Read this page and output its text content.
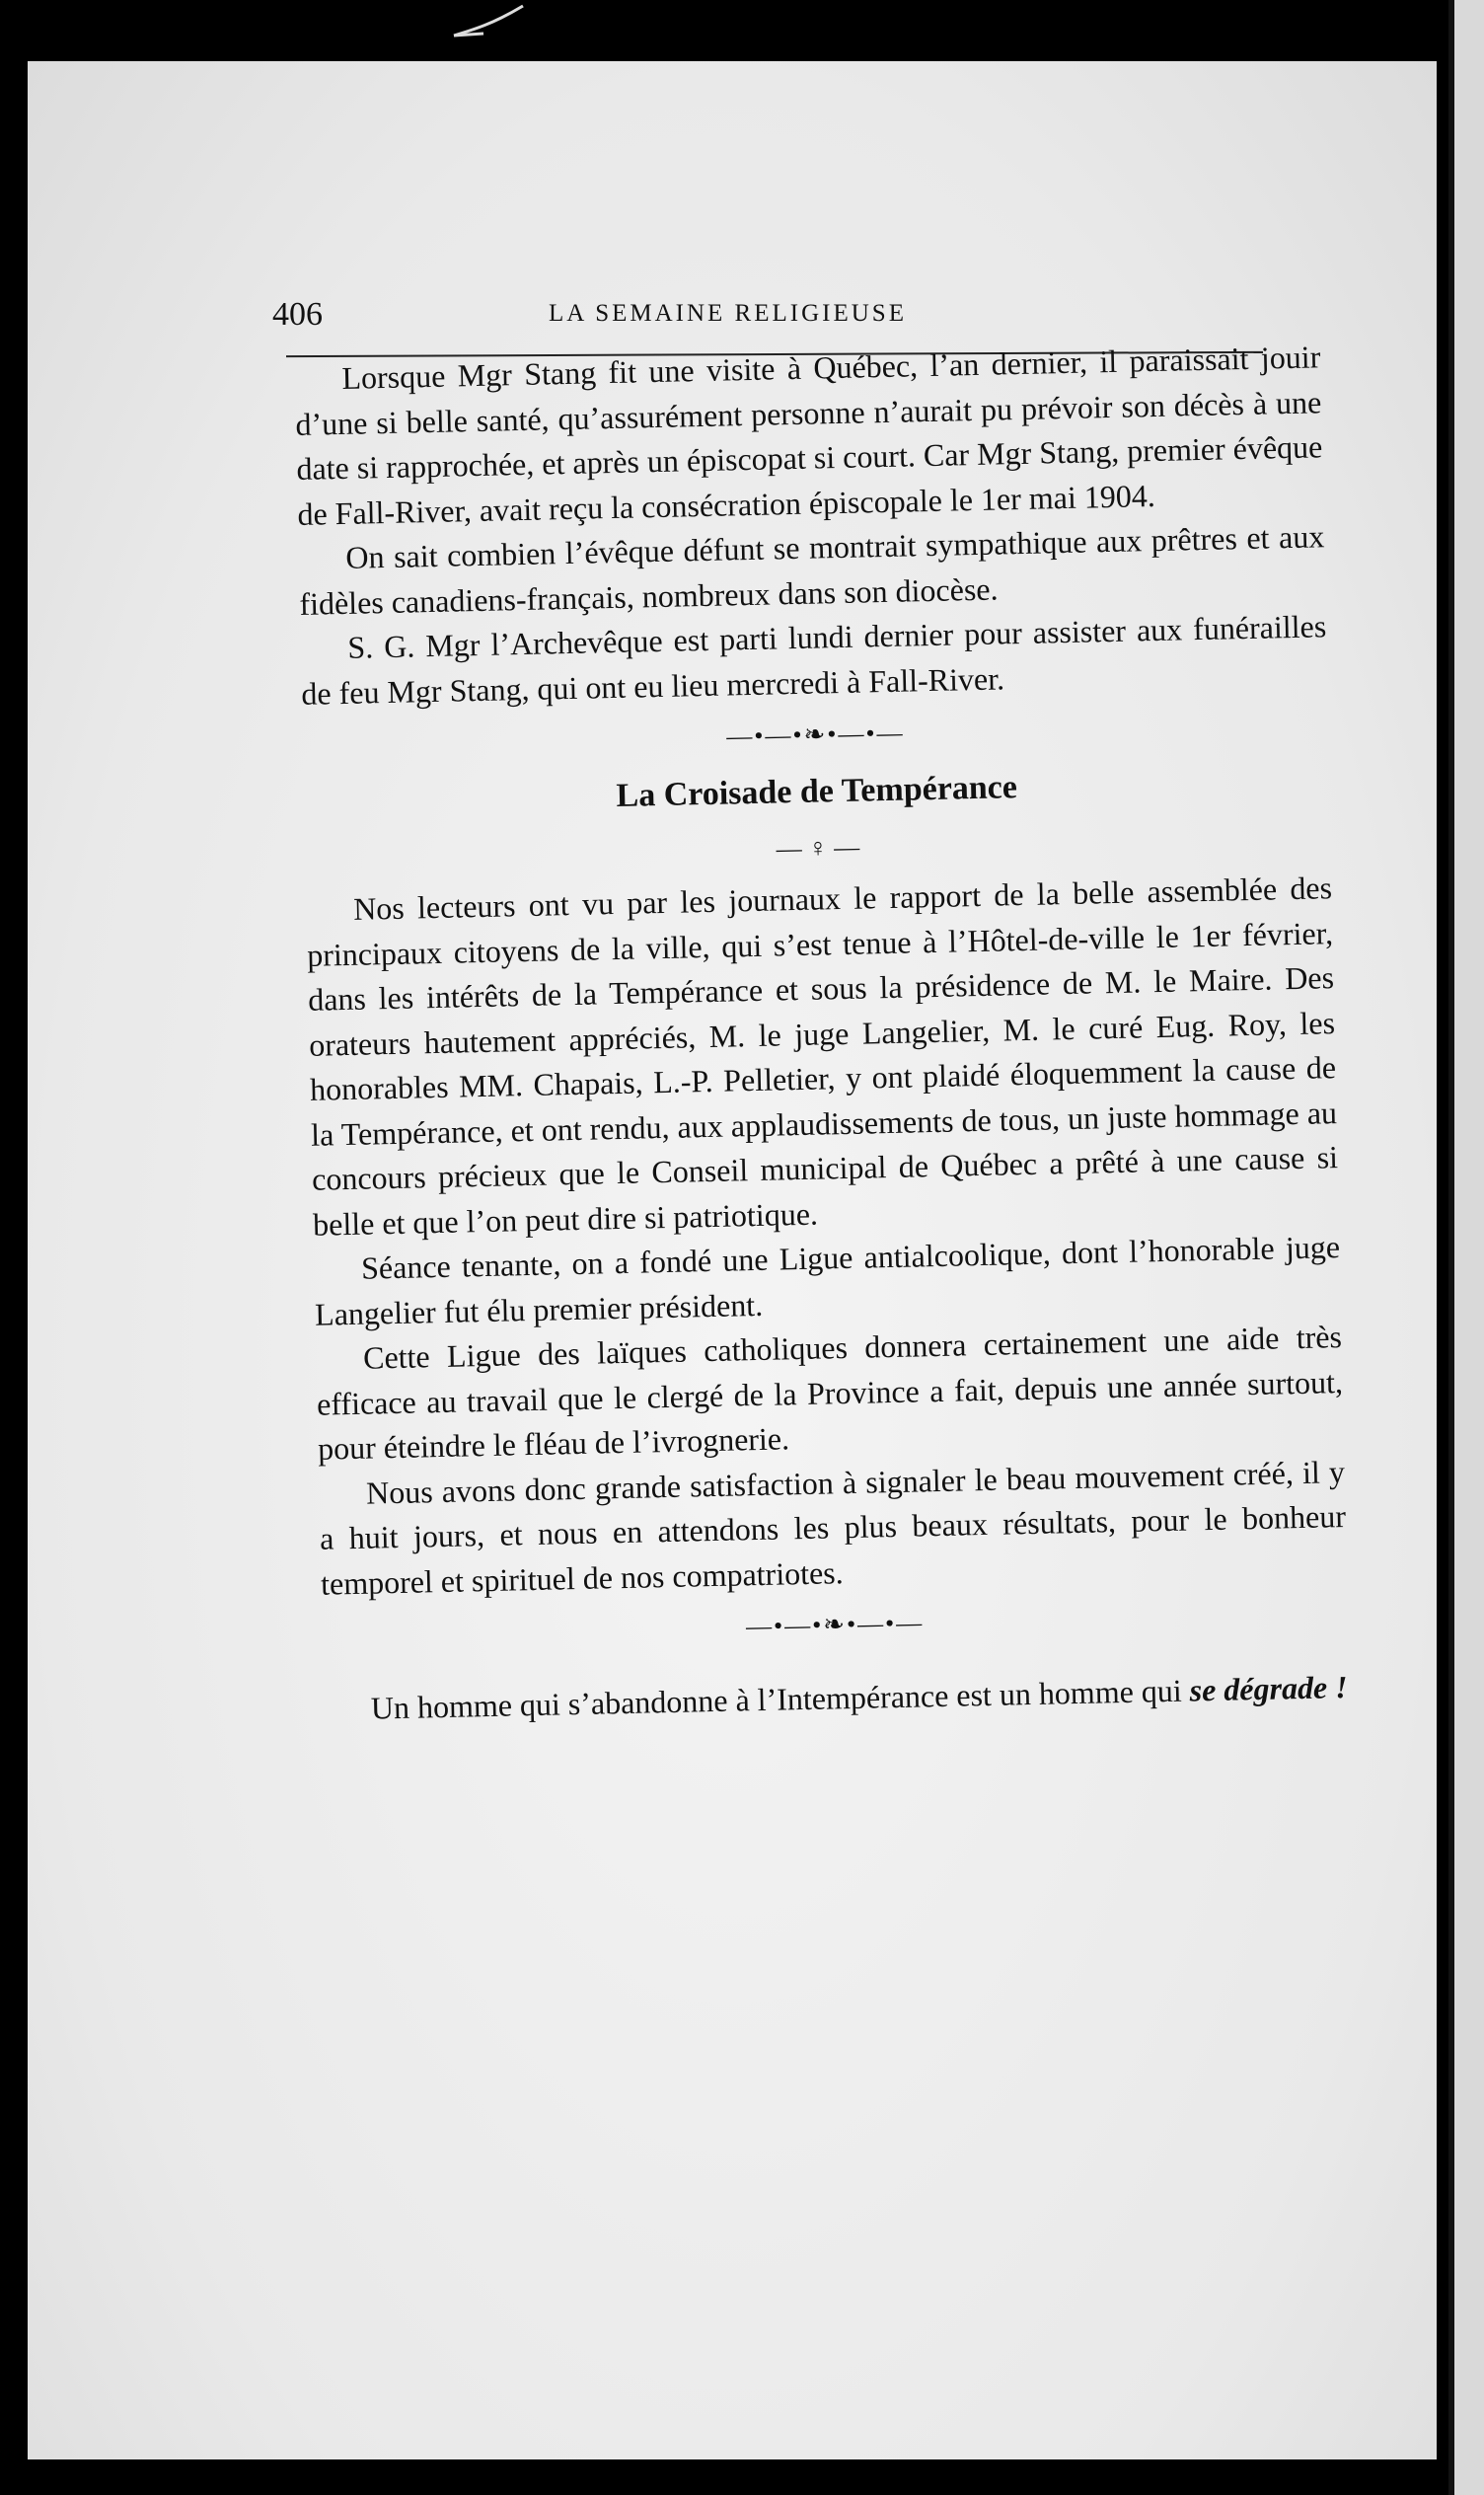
406	LA SEMAINE RELIGIEUSE

Lorsque Mgr Stang fit une visite à Québec, l’an dernier, il paraissait jouir d’une si belle santé, qu’assurément personne n’aurait pu prévoir son décès à une date si rapprochée, et après un épiscopat si court. Car Mgr Stang, premier évêque de Fall-River, avait reçu la consécration épiscopale le 1er mai 1904.

On sait combien l’évêque défunt se montrait sympathique aux prêtres et aux fidèles canadiens-français, nombreux dans son diocèse.

S. G. Mgr l’Archevêque est parti lundi dernier pour assister aux funérailles de feu Mgr Stang, qui ont eu lieu mercredi à Fall-River.

—•—•❧•—•—
La Croisade de Tempérance
— ♀ —

Nos lecteurs ont vu par les journaux le rapport de la belle assemblée des principaux citoyens de la ville, qui s’est tenue à l’Hôtel-de-ville le 1er février, dans les intérêts de la Tempérance et sous la présidence de M. le Maire. Des orateurs hautement appréciés, M. le juge Langelier, M. le curé Eug. Roy, les honorables MM. Chapais, L.-P. Pelletier, y ont plaidé éloquemment la cause de la Tempérance, et ont rendu, aux applaudissements de tous, un juste hommage au concours précieux que le Conseil municipal de Québec a prêté à une cause si belle et que l’on peut dire si patriotique.

Séance tenante, on a fondé une Ligue antialcoolique, dont l’honorable juge Langelier fut élu premier président.

Cette Ligue des laïques catholiques donnera certainement une aide très efficace au travail que le clergé de la Province a fait, depuis une année surtout, pour éteindre le fléau de l’ivrognerie.

Nous avons donc grande satisfaction à signaler le beau mouvement créé, il y a huit jours, et nous en attendons les plus beaux résultats, pour le bonheur temporel et spirituel de nos compatriotes.

—•—•❧•—•—

Un homme qui s’abandonne à l’Intempérance est un homme qui se dégrade !
